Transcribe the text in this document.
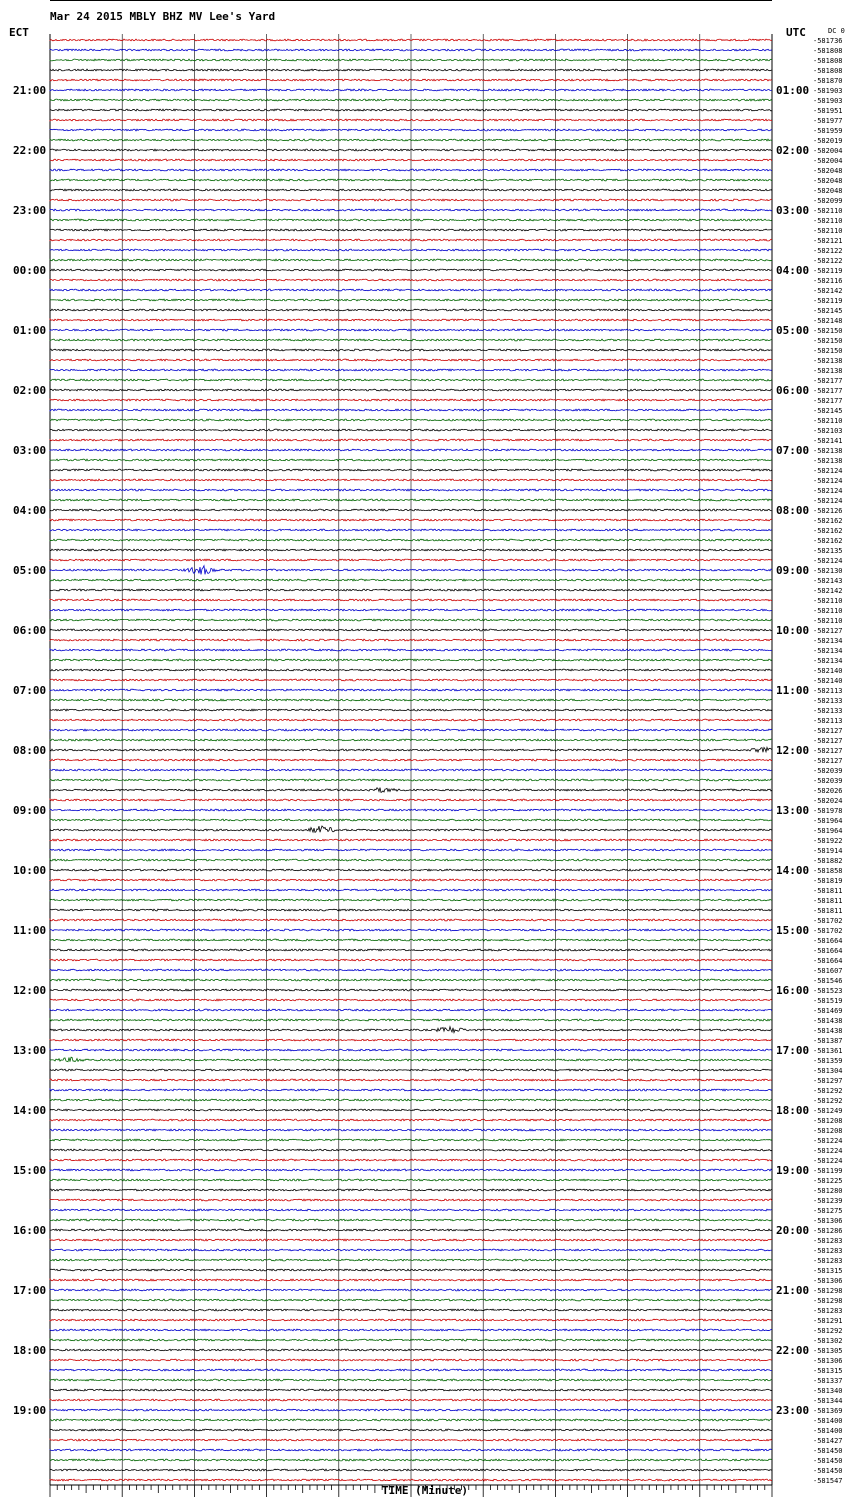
Mar 24 2015 MBLY BHZ MV Lee's Yard
ECT	UTC	DC 0
21:00
22:00
23:00
00:00
01:00
02:00
03:00
04:00
05:00
06:00
07:00
08:00
09:00
10:00
11:00
12:00
13:00
14:00
15:00
16:00
17:00
18:00
19:00
01:00
02:00
03:00
04:00
05:00
06:00
07:00
08:00
09:00
10:00
11:00
12:00
13:00
14:00
15:00
16:00
17:00
18:00
19:00
20:00
21:00
22:00
23:00
-581736
-581808
-581808
-581808
-581870
-581903
-581903
-581951
-581977
-581959
-582019
-582004
-582004
-582048
-582048
-582048
-582099
-582110
-582110
-582110
-582121
-582122
-582122
-582119
-582116
-582142
-582119
-582145
-582148
-582150
-582150
-582150
-582138
-582138
-582177
-582177
-582177
-582145
-582110
-582103
-582141
-582138
-582138
-582124
-582124
-582124
-582124
-582126
-582162
-582162
-582162
-582135
-582124
-582130
-582143
-582142
-582110
-582110
-582110
-582127
-582134
-582134
-582134
-582140
-582140
-582113
-582133
-582133
-582113
-582127
-582127
-582127
-582127
-582039
-582039
-582026
-582024
-581978
-581964
-581964
-581922
-581914
-581882
-581858
-581819
-581811
-581811
-581811
-581702
-581702
-581664
-581664
-581664
-581607
-581546
-581523
-581519
-581469
-581438
-581438
-581387
-581361
-581359
-581304
-581297
-581292
-581292
-581249
-581208
-581208
-581224
-581224
-581224
-581199
-581225
-581280
-581239
-581275
-581306
-581286
-581283
-581283
-581283
-581315
-581306
-581298
-581298
-581283
-581291
-581292
-581302
-581305
-581306
-581315
-581337
-581340
-581344
-581369
-581400
-581400
-581427
-581450
-581450
-581450
-581547
TIME (Minute)
